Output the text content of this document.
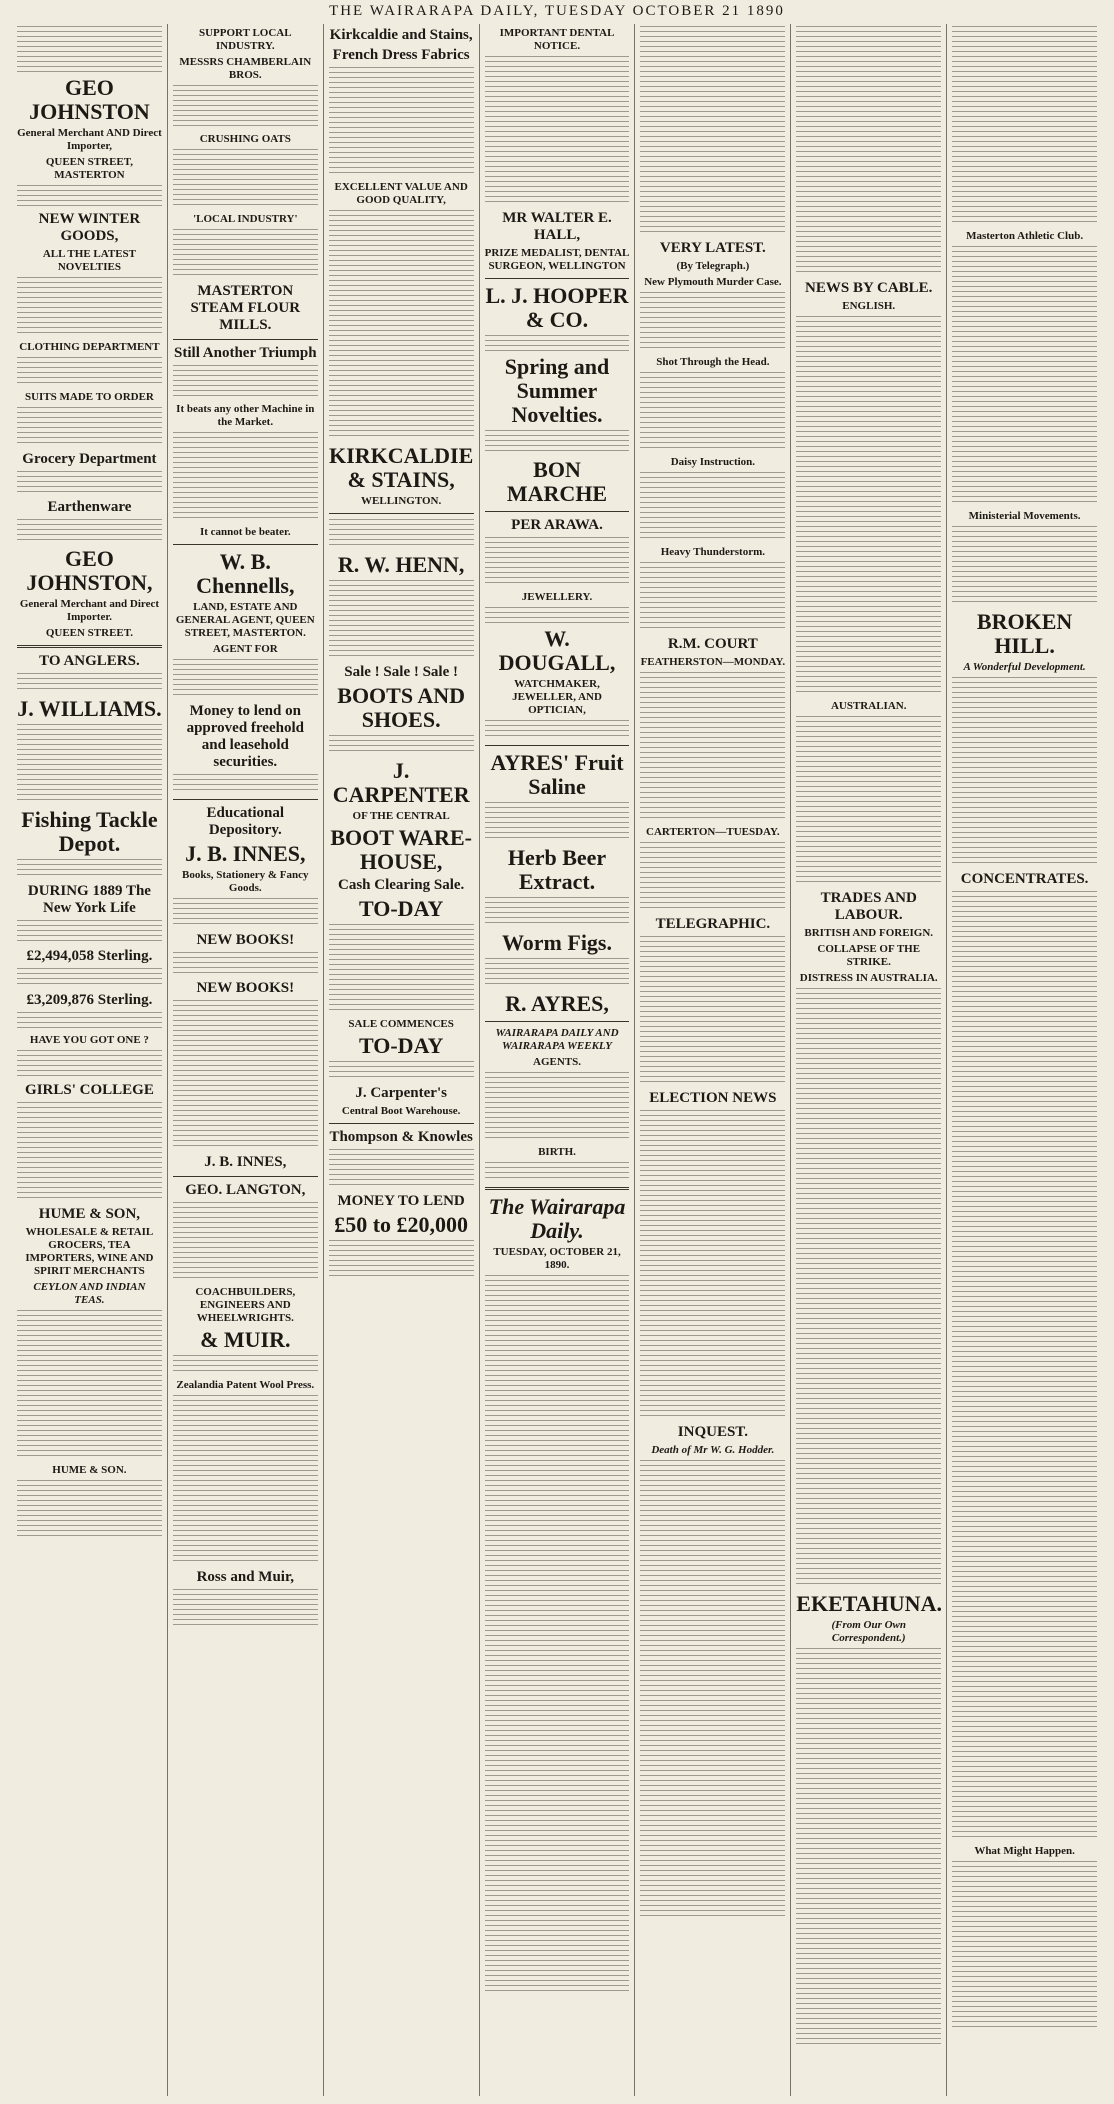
THE WAIRARAPA DAILY, TUESDAY OCTOBER 21 1890
GEO JOHNSTON
General Merchant AND Direct Importer,
QUEEN STREET, MASTERTON
NEW WINTER GOODS,
ALL THE LATEST NOVELTIES
CLOTHING DEPARTMENT
SUITS MADE TO ORDER
Grocery Department
Earthenware
GEO JOHNSTON,
General Merchant and Direct Importer.
QUEEN STREET.
TO ANGLERS.
J. WILLIAMS.
Fishing Tackle Depot.
DURING 1889 The New York Life
£2,494,058 Sterling.
£3,209,876 Sterling.
HAVE YOU GOT ONE ?
GIRLS' COLLEGE
HUME & SON,
WHOLESALE & RETAIL GROCERS, TEA IMPORTERS, WINE AND SPIRIT MERCHANTS
CEYLON AND INDIAN TEAS.
HUME & SON.
SUPPORT LOCAL INDUSTRY.
MESSRS CHAMBERLAIN BROS.
CRUSHING OATS
'LOCAL INDUSTRY'
MASTERTON STEAM FLOUR MILLS.
Still Another Triumph
It beats any other Machine in the Market.
It cannot be beater.
W. B. Chennells,
LAND, ESTATE AND GENERAL AGENT, QUEEN STREET, MASTERTON.
AGENT FOR
Money to lend on approved freehold and leasehold securities.
Educational Depository.
J. B. INNES,
Books, Stationery & Fancy Goods.
NEW BOOKS!
NEW BOOKS!
J. B. INNES,
GEO. LANGTON,
COACHBUILDERS, ENGINEERS AND WHEELWRIGHTS.
& MUIR.
Zealandia Patent Wool Press.
Ross and Muir,
Kirkcaldie and Stains,
French Dress Fabrics
EXCELLENT VALUE AND GOOD QUALITY,
KIRKCALDIE & STAINS,
WELLINGTON.
R. W. HENN,
Sale ! Sale ! Sale !
BOOTS AND SHOES.
J. CARPENTER
OF THE CENTRAL
BOOT WARE-HOUSE,
Cash Clearing Sale.
TO-DAY
SALE COMMENCES
TO-DAY
J. Carpenter's
Central Boot Warehouse.
Thompson & Knowles
MONEY TO LEND
£50 to £20,000
IMPORTANT DENTAL NOTICE.
MR WALTER E. HALL,
PRIZE MEDALIST, DENTAL SURGEON, WELLINGTON
L. J. HOOPER & CO.
Spring and Summer Novelties.
BON MARCHE
PER ARAWA.
JEWELLERY.
W. DOUGALL,
WATCHMAKER, JEWELLER, AND OPTICIAN,
AYRES' Fruit Saline
Herb Beer Extract.
Worm Figs.
R. AYRES,
WAIRARAPA DAILY AND WAIRARAPA WEEKLY
AGENTS.
BIRTH.
The Wairarapa Daily.
TUESDAY, OCTOBER 21, 1890.
VERY LATEST.
(By Telegraph.)
New Plymouth Murder Case.
Shot Through the Head.
Daisy Instruction.
Heavy Thunderstorm.
R.M. COURT
FEATHERSTON—MONDAY.
CARTERTON—TUESDAY.
TELEGRAPHIC.
ELECTION NEWS
INQUEST.
Death of Mr W. G. Hodder.
NEWS BY CABLE.
ENGLISH.
AUSTRALIAN.
TRADES AND LABOUR.
BRITISH AND FOREIGN.
COLLAPSE OF THE STRIKE.
DISTRESS IN AUSTRALIA.
EKETAHUNA.
(From Our Own Correspondent.)
Masterton Athletic Club.
Ministerial Movements.
BROKEN HILL.
A Wonderful Development.
CONCENTRATES.
What Might Happen.
